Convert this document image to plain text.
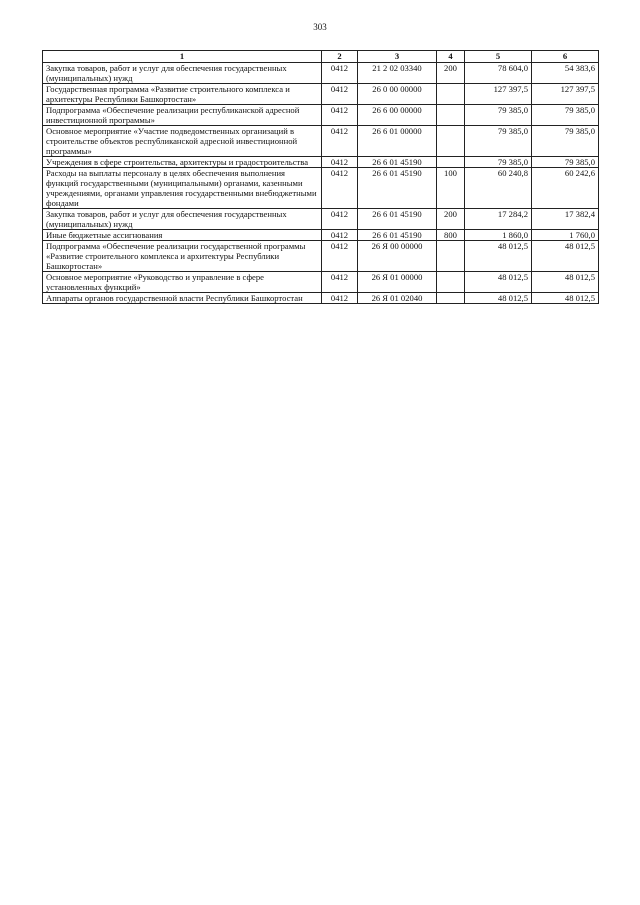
303
1	2	3	4	5	6
Закупка товаров, работ и услуг для обеспечения государственных (муниципальных) нужд	0412	21 2 02 03340	200	78 604,0	54 383,6
Государственная программа «Развитие строительного комплекса и архитектуры Республики Башкортостан»	0412	26 0 00 00000		127 397,5	127 397,5
Подпрограмма «Обеспечение реализации республиканской адресной инвестиционной программы»	0412	26 6 00 00000		79 385,0	79 385,0
Основное мероприятие «Участие подведомственных организаций в строительстве объектов республиканской адресной инвестиционной программы»	0412	26 6 01 00000		79 385,0	79 385,0
Учреждения в сфере строительства, архитектуры и градостроительства	0412	26 6 01 45190		79 385,0	79 385,0
Расходы на выплаты персоналу в целях обеспечения выполнения функций государственными (муниципальными) органами, казенными учреждениями, органами управления государственными внебюджетными фондами	0412	26 6 01 45190	100	60 240,8	60 242,6
Закупка товаров, работ и услуг для обеспечения государственных (муниципальных) нужд	0412	26 6 01 45190	200	17 284,2	17 382,4
Иные бюджетные ассигнования	0412	26 6 01 45190	800	1 860,0	1 760,0
Подпрограмма «Обеспечение реализации государственной программы «Развитие строительного комплекса и архитектуры Республики Башкортостан»	0412	26 Я 00 00000		48 012,5	48 012,5
Основное мероприятие «Руководство и управление в сфере установленных функций»	0412	26 Я 01 00000		48 012,5	48 012,5
Аппараты органов государственной власти Республики Башкортостан	0412	26 Я 01 02040		48 012,5	48 012,5
